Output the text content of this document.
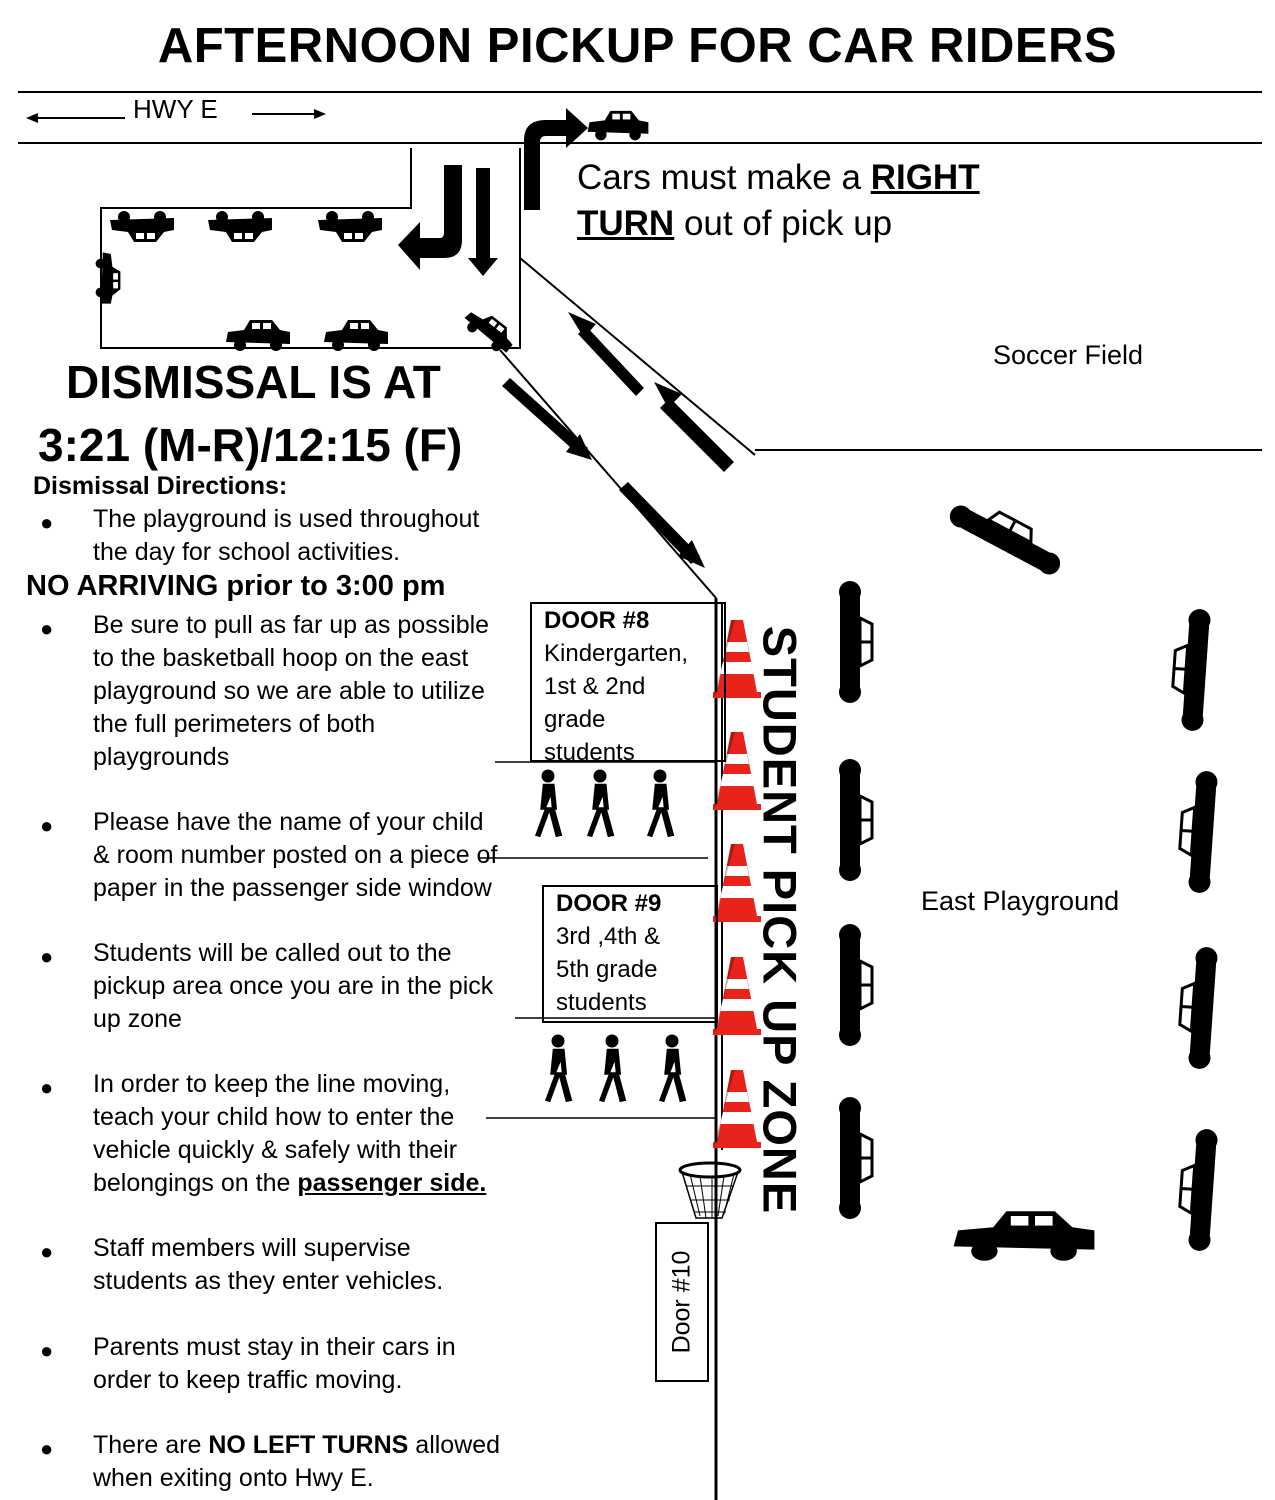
AFTERNOON PICKUP FOR CAR RIDERS
HWY E
Cars must make a RIGHT
TURN out of pick up
Soccer Field
East Playground
DISMISSAL IS AT
3:21 (M-R)/12:15 (F)
Dismissal Directions:
NO ARRIVING prior to 3:00 pm
● The playground is used throughout
the day for school activities.
● Be sure to pull as far up as possible
to the basketball hoop on the east
playground so we are able to utilize
the full perimeters of both
playgrounds
● Please have the name of your child
& room number posted on a piece of
paper in the passenger side window
● Students will be called out to the
pickup area once you are in the pick
up zone
● In order to keep the line moving,
teach your child how to enter the
vehicle quickly & safely with their
belongings on the passenger side.
● Staff members will supervise
students as they enter vehicles.
● Parents must stay in their cars in
order to keep traffic moving.
● There are NO LEFT TURNS allowed
when exiting onto Hwy E.
DOOR #8
Kindergarten,
1st & 2nd
grade
students
DOOR #9
3rd ,4th &
5th grade
students
Door #10
STUDENT PICK UP ZONE
